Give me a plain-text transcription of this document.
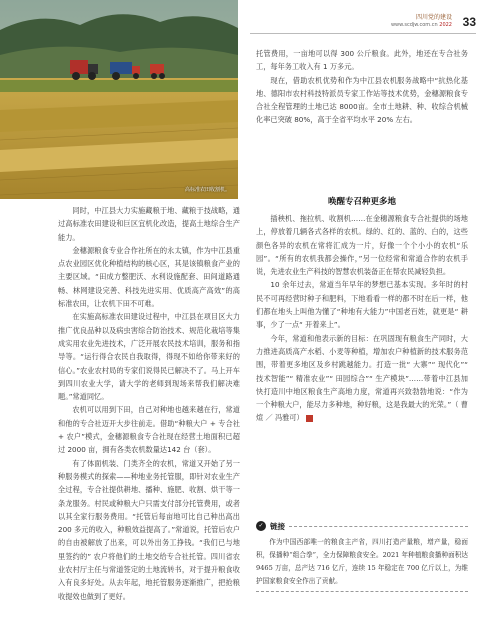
高标准农田收割机。
四川党的建设
www.scdjw.com.cn 2022 33

同时，中江县大力实施藏粮于地、藏粮于技战略，通过高标准农田建设和巨区宜机化改造，提高土地综合生产能力。

金穗源粮食专业合作社所在的永太镇，作为中江县重点农业园区优化种植结构的核心区，其是该镇粮食产业的主要区域。“田成方整肥沃、水利设施配套、田间道路通畅、林网建设完善、科技先进实用、优质高产高效”的高标准农田，让农机下田不可难。

在实施高标准农田建设过程中，中江县在项目区大力推广优良品种以及病虫害综合防治技术、规范化栽培等集成实用农业先进技术，广泛开展农民技术培训，服务和指导等。“运行得合农民自我取得，得现不如给你带来好的信心。”农业农村局的专家们说得民已解决不了。马上开车到四川农业大学，请大学的老师到现场来帮我们解决难题。”常道同忆。

农机可以用到下田，自己对种地也越来越在行，常道和他的专合社迈开大步往前走。借助“种粮大户 + 专合社 + 农户”模式，金穗源粮食专合社现在经营土地面积已超过 2000 亩，拥有各类农机数量达142 台（套）。

有了体面机装、门类齐全的农机，常道又开始了另一种服务模式的探索——种地业务托管服，即针对农业生产全过程，专合社提供耕地、播种、施肥、收割、烘干等一条龙服务。村民或种粮大户只需支付部分托管费用，或者以其全家行服务费用。“托管后每亩地可比自己种出高出 200 多元的收入，种粮效益提高了。”常道说，托管后农户的自由被解放了出来，可以外出务工挣钱。“我们已与地里签约的” 农户将他们的土地交给专合社托管。四川省农业农村厅主任与常道签定的土地流转书，对于提升粮食收入有良多好处。从去年起，地托管服务逐渐推广，把抢粮收提效也做到了更好。

托管费用，一亩地可以得 300 公斤粮食。此外，地还在专合社务工，每年务工收入有 1 万多元。

现在，借助农机优势和作为中江县农机服务战略中“抗热化基地、德阳市农村科技特派员专家工作站等技术优势，金穗源粮食专合社全程管理的土地已达 8000亩。全市土地耕、种、收综合机械化率已突破 80%，高于全省平均水平 20% 左右。

唤醒专召种更多地

插秧机、拖拉机、收割机……在金穗源粮食专合社提供的场地上，停放着几辆各式各样的农机。绿的、红的、蓝的、白的，这些颜色各异的农机在常将汇成为一片，好像一个个小小的农机“乐园”。“所有的农机我都会操作，”另一位经常和常道合作的农机手说，先进农业生产科技的智慧农机装备正在帮农民减轻负担。

10 余年过去，常道当年早年的梦想已基本实现。多年时的村民不可再经营时种子和肥料，下地看看一样的都不时在后一样，他们都在地头上叫他为懂了“种地有大能力”中国老百姓，就更是“ 耕事，少了一点“ 开着来上”。

今年，常道和他表示新的目标：在巩固现有粮食生产同时，大力推进高质高产水稻、小麦等种植，增加农户种植新的技术服务范围，带着更多地区及乡村跳越能力。打造一批“ 大寨”“ 现代化”“ 技术智能”“ 精准农业”“ 田园综合”“ 生产模块”……带着中江县加快打造川中地区粮食生产高地力度，常道再兴致勃勃地说：“作为一个种粮大户，能尽力多种地，种好粮，这是我最大的光荣。”（ 曹煊 ／ 冯雅可）	■

✓ 链接
作为中国西部唯一的粮食主产省，四川打造产量粮，增产量，稳面积，保播种“组合拳”，全力保障粮食安全。2021 年种植粮食播种面积达 9465 万亩，总产达 716 亿斤，连续 15 年稳定在 700 亿斤以上，为维护国家粮食安全作出了贡献。
